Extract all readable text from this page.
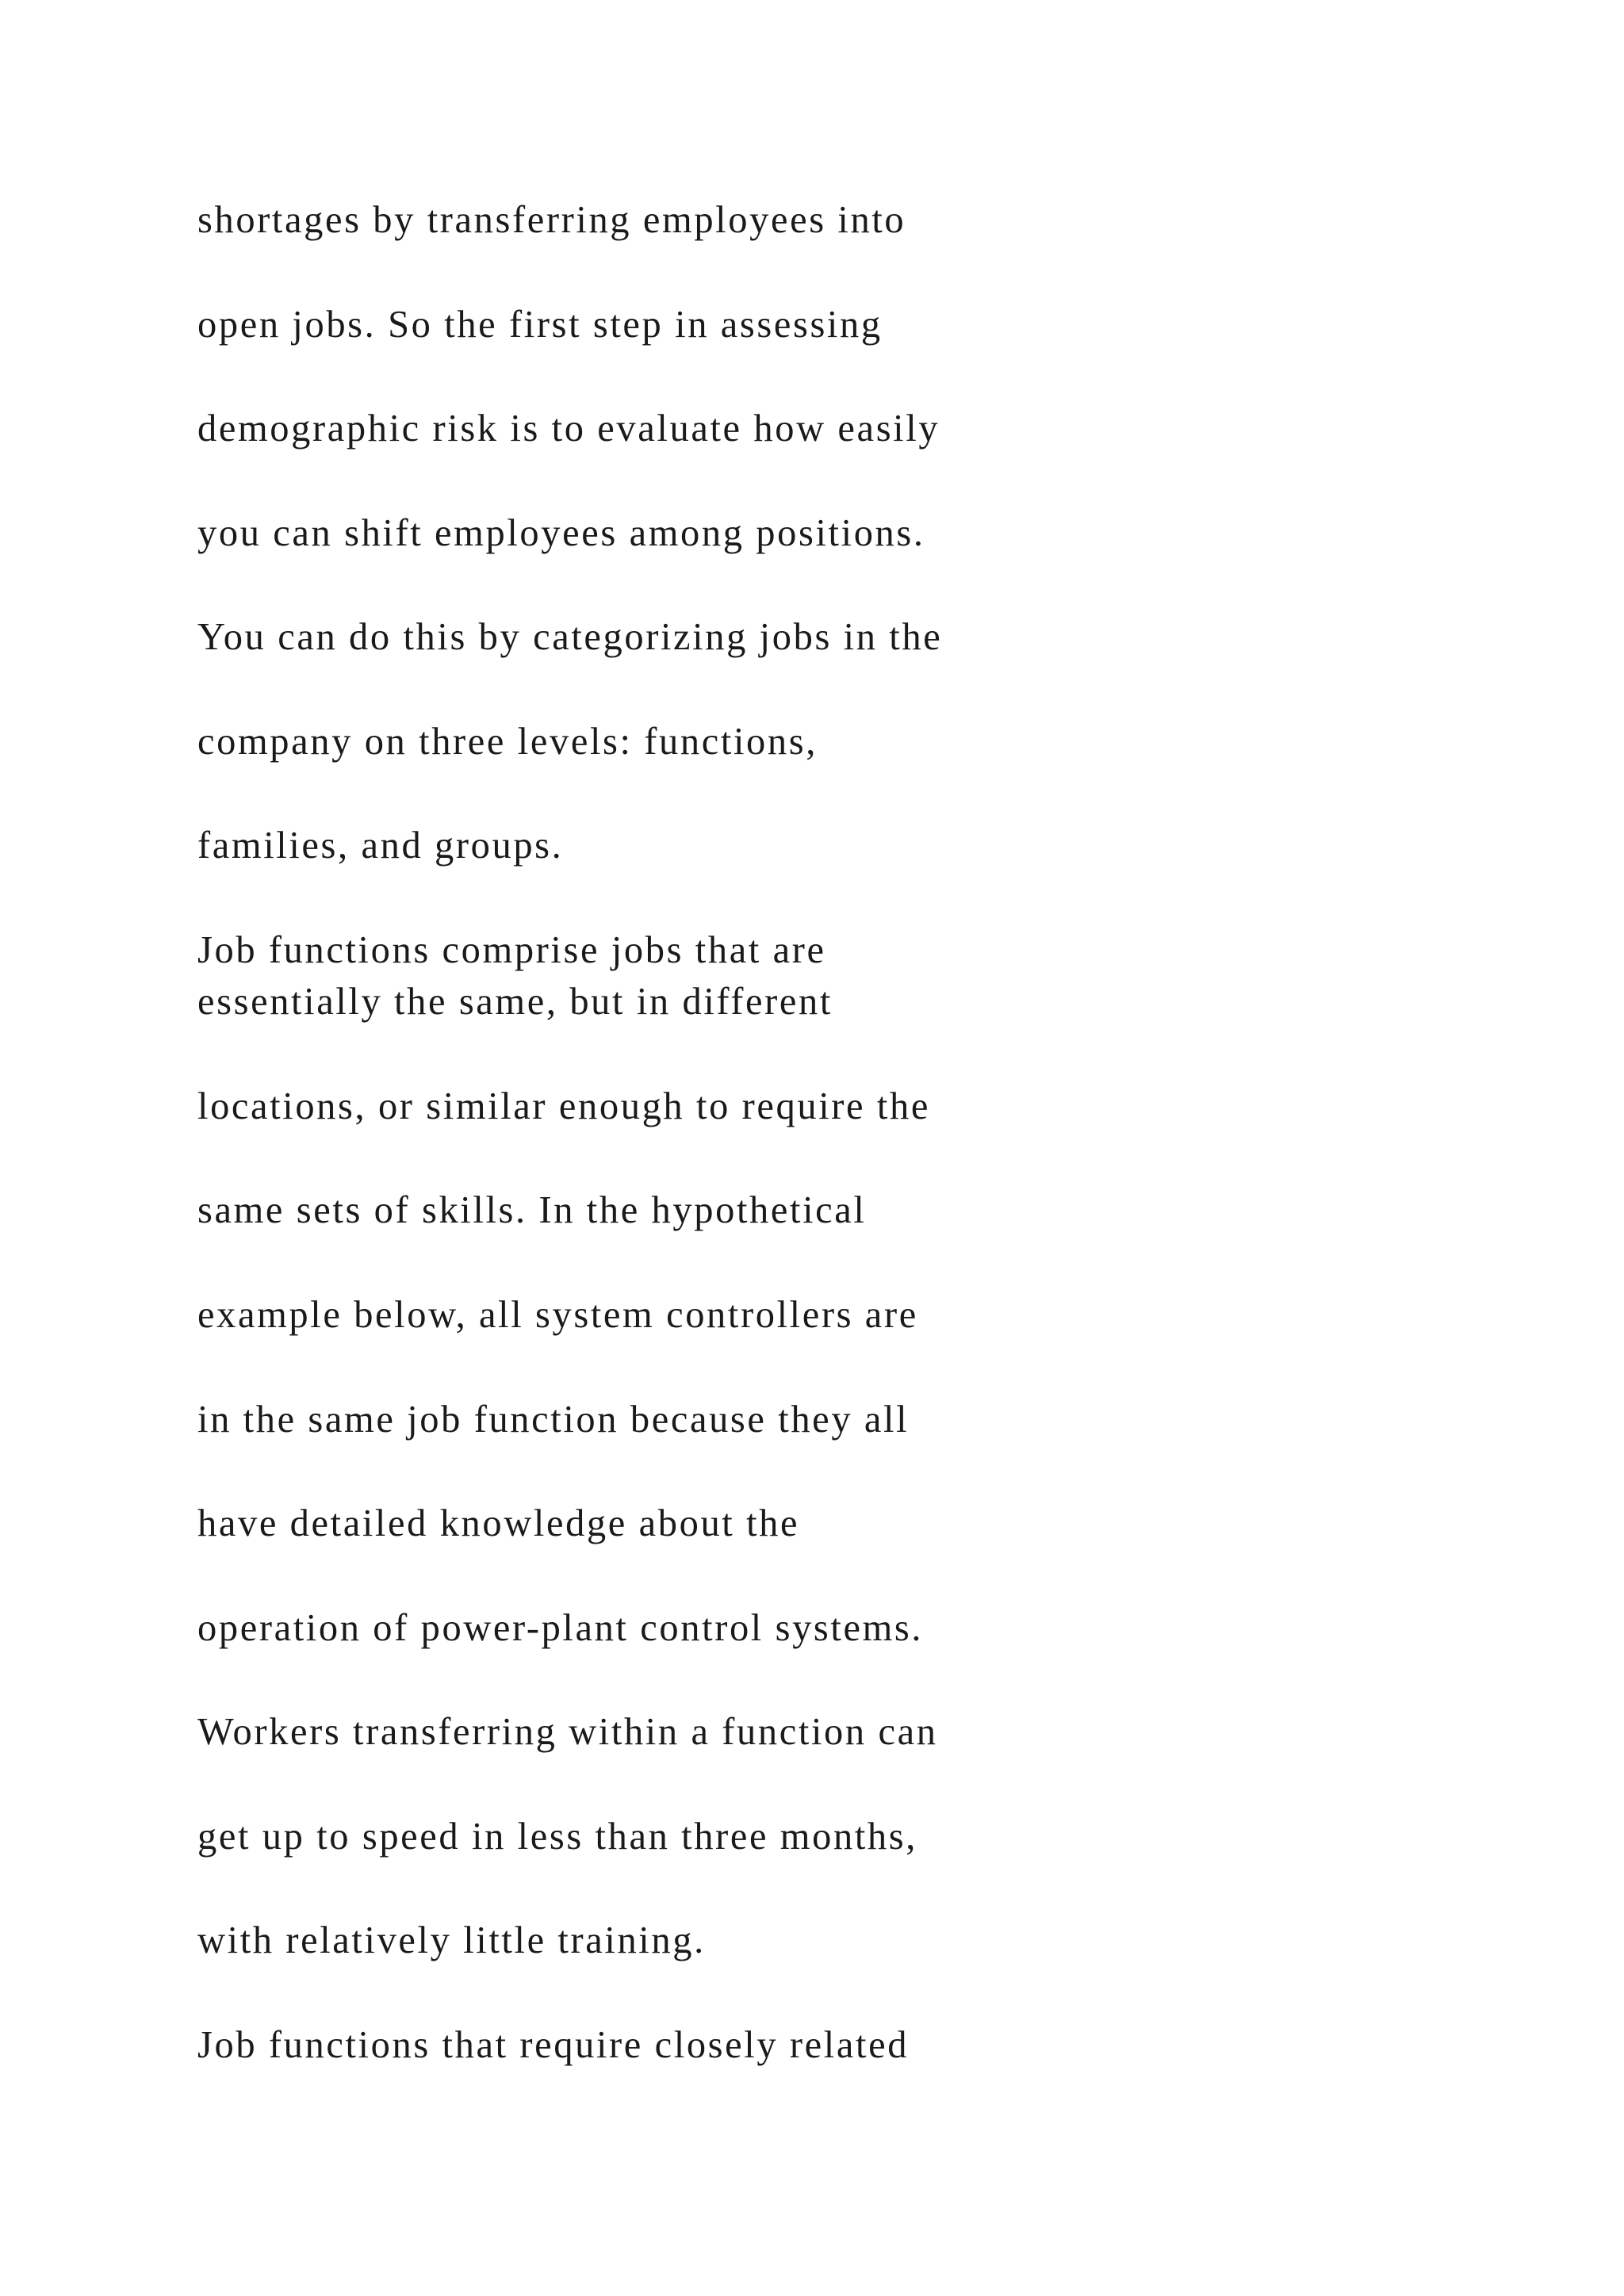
shortages by transferring employees into
open jobs. So the first step in assessing
demographic risk is to evaluate how easily
you can shift employees among positions.
You can do this by categorizing jobs in the
company on three levels: functions,
families, and groups.
Job functions comprise jobs that are
essentially the same, but in different
locations, or similar enough to require the
same sets of skills. In the hypothetical
example below, all system controllers are
in the same job function because they all
have detailed knowledge about the
operation of power-plant control systems.
Workers transferring within a function can
get up to speed in less than three months,
with relatively little training.
Job functions that require closely related
